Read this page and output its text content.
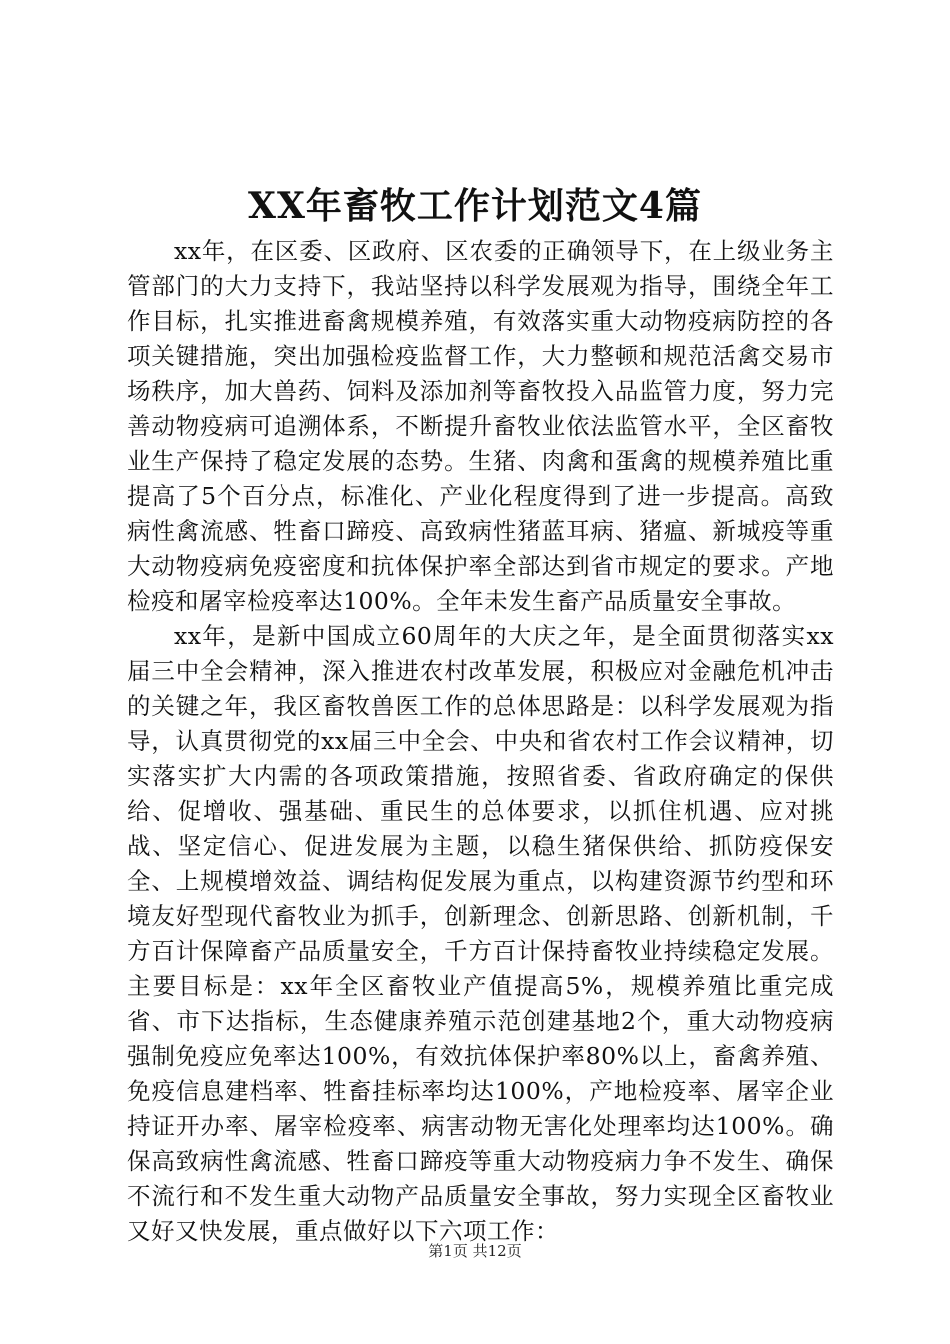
XX年畜牧工作计划范文4篇

xx年，在区委、区政府、区农委的正确领导下，在上级业务主管部门的大力支持下，我站坚持以科学发展观为指导，围绕全年工作目标，扎实推进畜禽规模养殖，有效落实重大动物疫病防控的各项关键措施，突出加强检疫监督工作，大力整顿和规范活禽交易市场秩序，加大兽药、饲料及添加剂等畜牧投入品监管力度，努力完善动物疫病可追溯体系，不断提升畜牧业依法监管水平，全区畜牧业生产保持了稳定发展的态势。生猪、肉禽和蛋禽的规模养殖比重提高了5个百分点，标准化、产业化程度得到了进一步提高。高致病性禽流感、牲畜口蹄疫、高致病性猪蓝耳病、猪瘟、新城疫等重大动物疫病免疫密度和抗体保护率全部达到省市规定的要求。产地检疫和屠宰检疫率达100%。全年未发生畜产品质量安全事故。

xx年，是新中国成立60周年的大庆之年，是全面贯彻落实xx届三中全会精神，深入推进农村改革发展，积极应对金融危机冲击的关键之年，我区畜牧兽医工作的总体思路是：以科学发展观为指导，认真贯彻党的xx届三中全会、中央和省农村工作会议精神，切实落实扩大内需的各项政策措施，按照省委、省政府确定的保供给、促增收、强基础、重民生的总体要求，以抓住机遇、应对挑战、坚定信心、促进发展为主题，以稳生猪保供给、抓防疫保安全、上规模增效益、调结构促发展为重点，以构建资源节约型和环境友好型现代畜牧业为抓手，创新理念、创新思路、创新机制，千方百计保障畜产品质量安全，千方百计保持畜牧业持续稳定发展。主要目标是：xx年全区畜牧业产值提高5%，规模养殖比重完成省、市下达指标，生态健康养殖示范创建基地2个，重大动物疫病强制免疫应免率达100%，有效抗体保护率80%以上，畜禽养殖、免疫信息建档率、牲畜挂标率均达100%，产地检疫率、屠宰企业持证开办率、屠宰检疫率、病害动物无害化处理率均达100%。确保高致病性禽流感、牲畜口蹄疫等重大动物疫病力争不发生、确保不流行和不发生重大动物产品质量安全事故，努力实现全区畜牧业又好又快发展，重点做好以下六项工作：

第1页 共12页
